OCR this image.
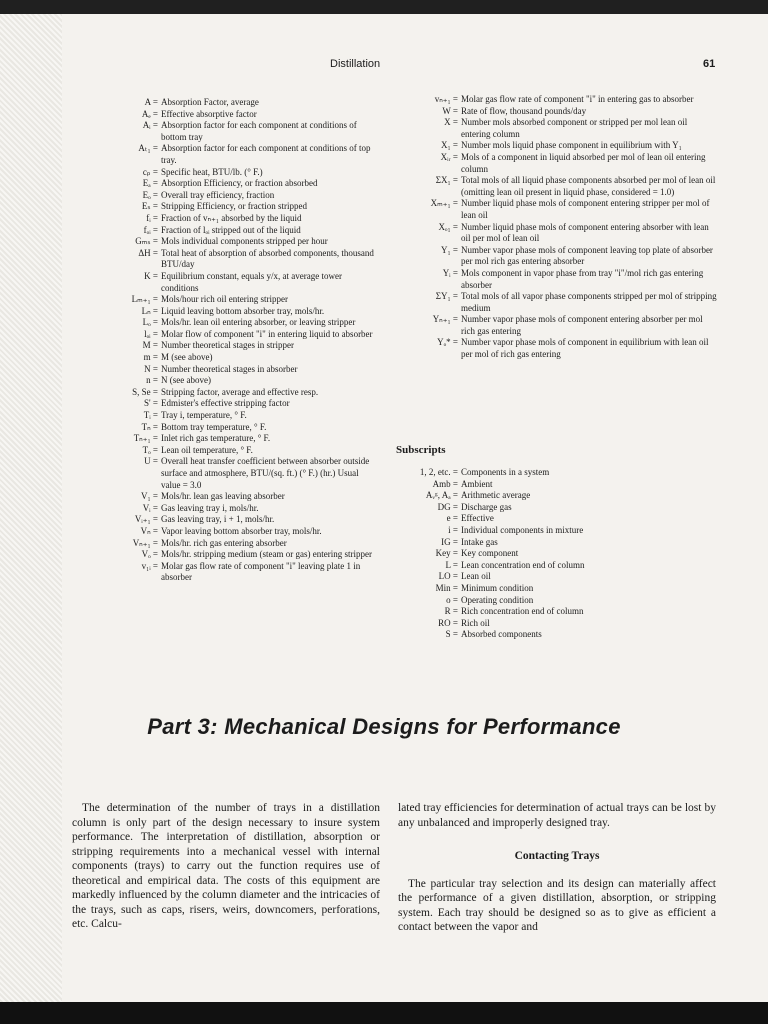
Distillation	61
A = Absorption Factor, average
Aₑ = Effective absorptive factor
Aᵢ = Absorption factor for each component at conditions of bottom tray
Aₜ₁ = Absorption factor for each component at conditions of top tray.
cₚ = Specific heat, BTU/lb. (° F.)
Eₐ = Absorption Efficiency, or fraction absorbed
Eₒ = Overall tray efficiency, fraction
Eₛ = Stripping Efficiency, or fraction stripped
fᵢ = Fraction of vₙ₊₁ absorbed by the liquid
fₒᵢ = Fraction of lₒᵢ stripped out of the liquid
Gₘₛ = Mols individual components stripped per hour
ΔH = Total heat of absorption of absorbed components, thousand BTU/day
K = Equilibrium constant, equals y/x, at average tower conditions
Lₘ₊₁ = Mols/hour rich oil entering stripper
Lₙ = Liquid leaving bottom absorber tray, mols/hr.
Lₒ = Mols/hr. lean oil entering absorber, or leaving stripper
lₒᵢ = Molar flow of component "i" in entering liquid to absorber
M = Number theoretical stages in stripper
m = M (see above)
N = Number theoretical stages in absorber
n = N (see above)
S, Se = Stripping factor, average and effective resp.
S' = Edmister's effective stripping factor
Tᵢ = Tray i, temperature, ° F.
Tₙ = Bottom tray temperature, ° F.
Tₙ₊₁ = Inlet rich gas temperature, ° F.
Tₒ = Lean oil temperature, ° F.
U = Overall heat transfer coefficient between absorber outside surface and atmosphere, BTU/(sq. ft.) (° F.) (hr.) Usual value = 3.0
V₁ = Mols/hr. lean gas leaving absorber
Vᵢ = Gas leaving tray i, mols/hr.
Vᵢ₊₁ = Gas leaving tray, i + 1, mols/hr.
Vₙ = Vapor leaving bottom absorber tray, mols/hr.
Vₙ₊₁ = Mols/hr. rich gas entering absorber
Vₒ = Mols/hr. stripping medium (steam or gas) entering stripper
v₁ᵢ = Molar gas flow rate of component "i" leaving plate 1 in absorber
vₙ₊₁ = Molar gas flow rate of component "i" in entering gas to absorber
W = Rate of flow, thousand pounds/day
X = Number mols absorbed component or stripped per mol lean oil entering column
X₁ = Number mols liquid phase component in equilibrium with Y₁
Xᵢᵣ = Mols of a component in liquid absorbed per mol of lean oil entering column
ΣX₁ = Total mols of all liquid phase components absorbed per mol of lean oil (omitting lean oil present in liquid phase, considered = 1.0)
Xₘ₊₁ = Number liquid phase mols of component entering stripper per mol of lean oil
Xₒ₁ = Number liquid phase mols of component entering absorber with lean oil per mol of lean oil
Y₁ = Number vapor phase mols of component leaving top plate of absorber per mol rich gas entering absorber
Yᵢ = Mols component in vapor phase from tray "i"/mol rich gas entering absorber
ΣY₁ = Total mols of all vapor phase components stripped per mol of stripping medium
Yₙ₊₁ = Number vapor phase mols of component entering absorber per mol rich gas entering
Yₒ* = Number vapor phase mols of component in equilibrium with lean oil per mol of rich gas entering
Subscripts
1, 2, etc. = Components in a system
Amb = Ambient
Aᵥᵍ, Aₐ = Arithmetic average
DG = Discharge gas
e = Effective
i = Individual components in mixture
IG = Intake gas
Key = Key component
L = Lean concentration end of column
LO = Lean oil
Min = Minimum condition
o = Operating condition
R = Rich concentration end of column
RO = Rich oil
S = Absorbed components
Part 3: Mechanical Designs for Performance

The determination of the number of trays in a distillation column is only part of the design necessary to insure system performance. The interpretation of distillation, absorption or stripping requirements into a mechanical vessel with internal components (trays) to carry out the function requires use of theoretical and empirical data. The costs of this equipment are markedly influenced by the column diameter and the intricacies of the trays, such as caps, risers, weirs, downcomers, perforations, etc. Calcu-

lated tray efficiencies for determination of actual trays can be lost by any unbalanced and improperly designed tray.

Contacting Trays

The particular tray selection and its design can materially affect the performance of a given distillation, absorption, or stripping system. Each tray should be designed so as to give as efficient a contact between the vapor and
